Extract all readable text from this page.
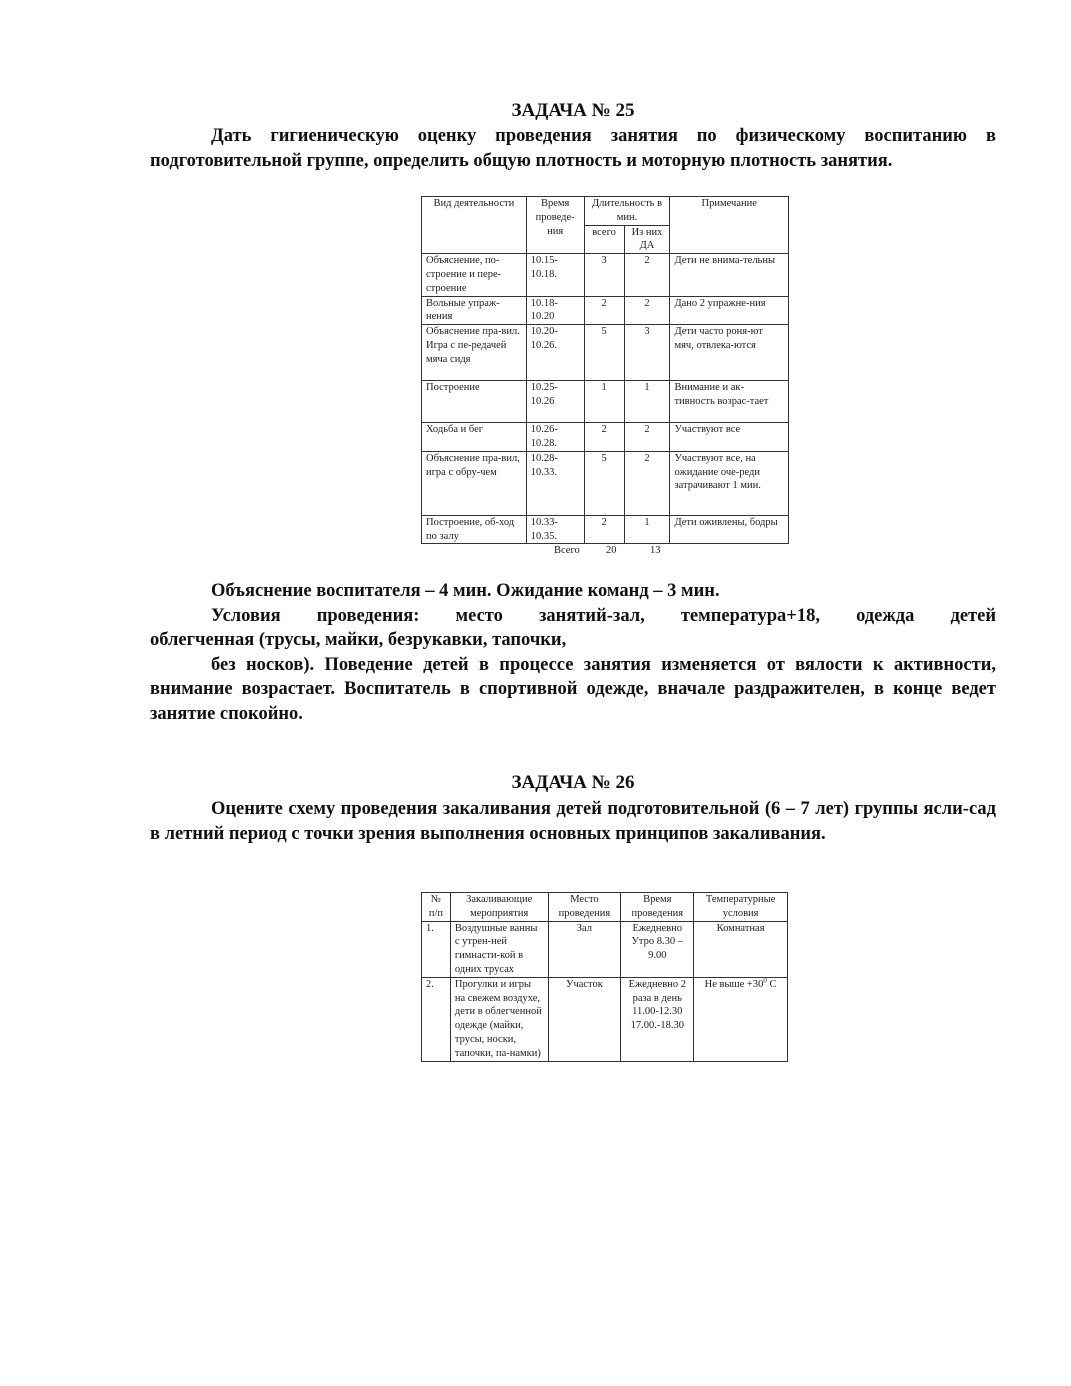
ЗАДАЧА № 25
Дать гигиеническую оценку проведения занятия по физическому воспитанию в подготовительной группе, определить общую плотность и моторную плотность занятия.
Вид деятельности	Время проведе-ния	Длительность в мин.		Примечание
		всего	Из них ДА	
Объяснение, по-строение и пере-строение	10.15-10.18.	3	2	Дети не внима-тельны
Вольные упраж-нения	10.18-10.20	2	2	Дано 2 упражне-ния
Объяснение пра-вил. Игра с пе-редачей мяча сидя	10.20-10.26.	5	3	Дети часто роня-ют мяч, отвлека-ются
Построение	10.25-10.26	1	1	Внимание и ак-тивность возрас-тает
Ходьба и бег	10.26-10.28.	2	2	Участвуют все
Объяснение пра-вил, игра с обру-чем	10.28-10.33.	5	2	Участвуют все, на ожидание оче-реди затрачивают 1 мин.
Построение, об-ход по залу	10.33-10.35.	2	1	Дети оживлены, бодры
Всего	20	13
Объяснение воспитателя – 4 мин. Ожидание команд – 3 мин.
Условия проведения: место занятий-зал, температура+18, одежда детей
облегченная (трусы, майки, безрукавки, тапочки,
без носков). Поведение детей в процессе занятия изменяется от вялости к активности, внимание возрастает. Воспитатель в спортивной одежде, вначале раздражителен, в конце ведет занятие спокойно.
ЗАДАЧА № 26
Оцените схему проведения закаливания детей подготовительной (6 – 7 лет) группы ясли-сад в летний период с точки зрения выполнения основных принципов закаливания.
№ п/п	Закаливающие мероприятия	Место проведения	Время проведения	Температурные условия
1.	Воздушные ванны с утрен-ней гимнасти-кой в одних трусах	Зал	Ежедневно Утро 8.30 – 9.00	Комнатная
2.	Прогулки и игры на свежем воздухе, дети в облегченной одежде (майки, трусы, носки, тапочки, па-намки)	Участок	Ежедневно 2 раза в день 11.00-12.30 17.00.-18.30	Не выше $+30^0$ С
